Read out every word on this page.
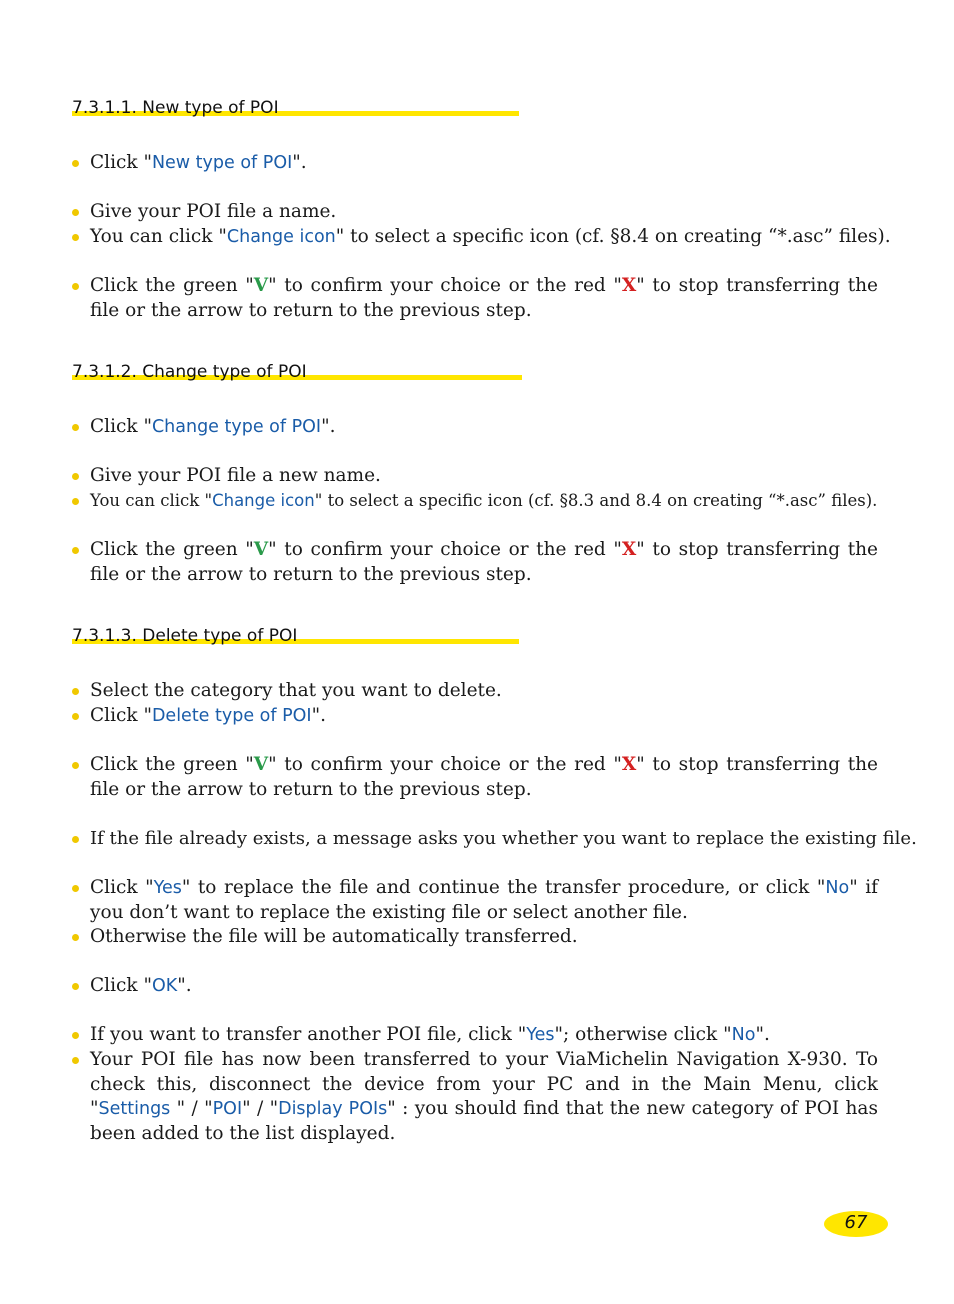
7.3.1.1. New type of POI
Click "New type of POI".
Give your POI file a name.
You can click "Change icon" to select a specific icon (cf. §8.4 on creating “*.asc” files).
Click the green "V" to confirm your choice or the red "X" to stop transferring the file or the arrow to return to the previous step.
7.3.1.2. Change type of POI
Click "Change type of POI".
Give your POI file a new name.
You can click "Change icon" to select a specific icon (cf. §8.3 and 8.4 on creating “*.asc” files).
Click the green "V" to confirm your choice or the red "X" to stop transferring the file or the arrow to return to the previous step.
7.3.1.3. Delete type of POI
Select the category that you want to delete.
Click "Delete type of POI".
Click the green "V" to confirm your choice or the red "X" to stop transferring the file or the arrow to return to the previous step.
If the file already exists, a message asks you whether you want to replace the existing file.
Click "Yes" to replace the file and continue the transfer procedure, or click "No" if you don’t want to replace the existing file or select another file.
Otherwise the file will be automatically transferred.
Click "OK".
If you want to transfer another POI file, click "Yes"; otherwise click "No".
Your POI file has now been transferred to your ViaMichelin Navigation X-930. To check this, disconnect the device from your PC and in the Main Menu, click "Settings " / "POI" / "Display POIs" : you should find that the new category of POI has been added to the list displayed.
67
